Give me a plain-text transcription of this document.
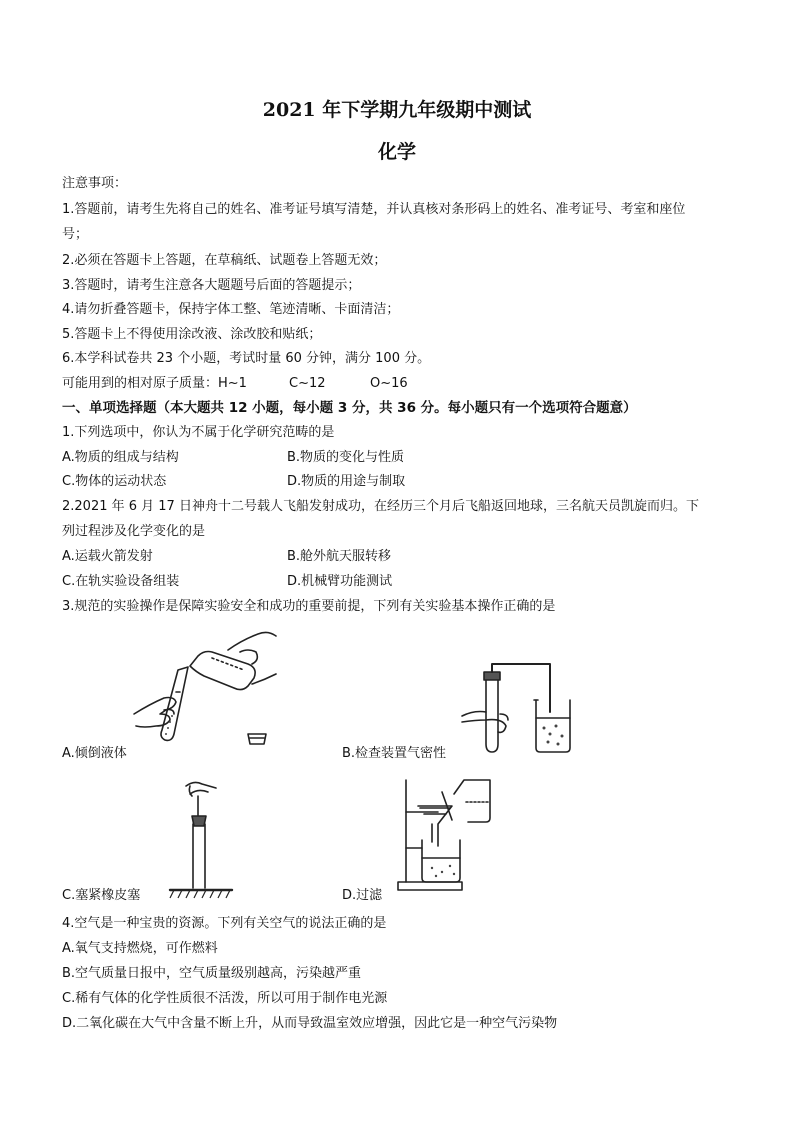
2021 年下学期九年级期中测试
化学
注意事项：
1.答题前，请考生先将自己的姓名、准考证号填写清楚，并认真核对条形码上的姓名、准考证号、考室和座位
号；
2.必须在答题卡上答题，在草稿纸、试题卷上答题无效；
3.答题时，请考生注意各大题题号后面的答题提示；
4.请勿折叠答题卡，保持字体工整、笔迹清晰、卡面清洁；
5.答题卡上不得使用涂改液、涂改胶和贴纸；
6.本学科试卷共 23 个小题，考试时量 60 分钟，满分 100 分。
可能用到的相对原子质量：H~1	C~12	O~16
一、单项选择题（本大题共 12 小题，每小题 3 分，共 36 分。每小题只有一个选项符合题意）
1.下列选项中，你认为不属于化学研究范畴的是
A.物质的组成与结构	B.物质的变化与性质
C.物体的运动状态	D.物质的用途与制取
2.2021 年 6 月 17 日神舟十二号载人飞船发射成功，在经历三个月后飞船返回地球，三名航天员凯旋而归。下
列过程涉及化学变化的是
A.运载火箭发射	B.舱外航天服转移
C.在轨实验设备组装	D.机械臂功能测试
3.规范的实验操作是保障实验安全和成功的重要前提，下列有关实验基本操作正确的是
A.倾倒液体	B.检查装置气密性
C.塞紧橡皮塞	D.过滤
4.空气是一种宝贵的资源。下列有关空气的说法正确的是
A.氧气支持燃烧，可作燃料
B.空气质量日报中，空气质量级别越高，污染越严重
C.稀有气体的化学性质很不活泼，所以可用于制作电光源
D.二氧化碳在大气中含量不断上升，从而导致温室效应增强，因此它是一种空气污染物
